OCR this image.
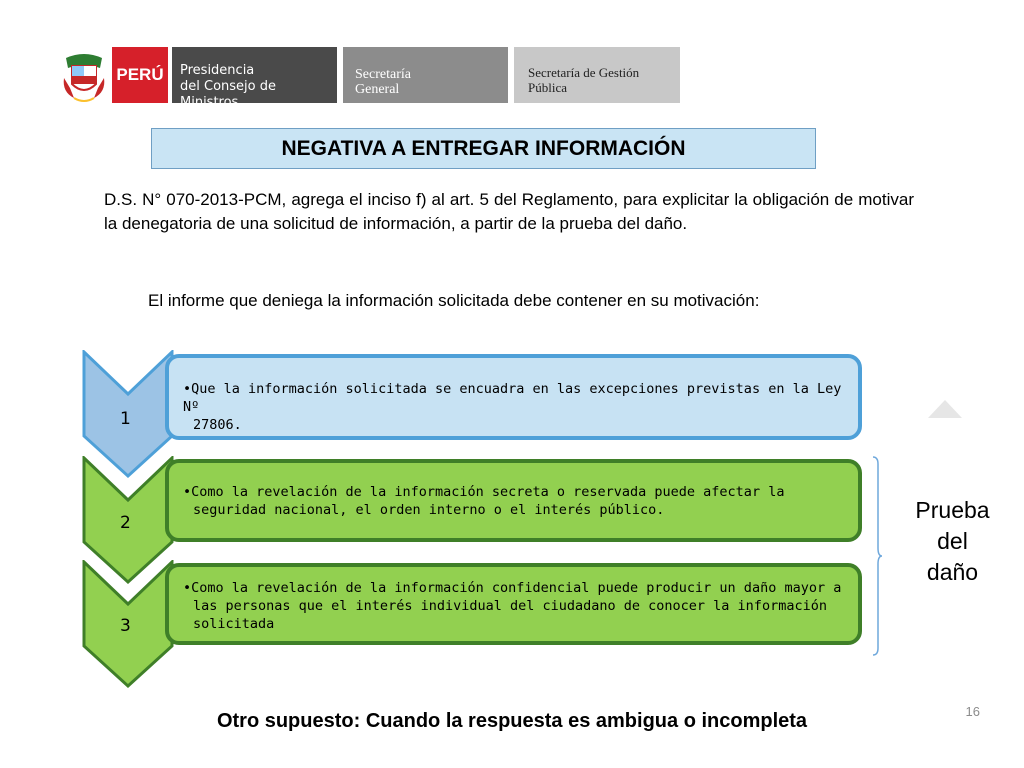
PERÚ Presidencia
del Consejo de Ministros
Secretaría
General
Secretaría de Gestión
Pública
NEGATIVA A ENTREGAR INFORMACIÓN
D.S. N° 070-2013-PCM, agrega el inciso f) al art. 5 del Reglamento, para explicitar la obligación de motivar la denegatoria de una solicitud de información, a partir de la prueba del daño.
El informe que deniega la información solicitada debe contener en su motivación:
1
2
3

•Que la información solicitada se encuadra en las excepciones previstas en la Ley Nº
27806.

•Como la revelación de la información secreta o reservada puede afectar la
seguridad nacional, el orden interno o el interés público.

•Como la revelación de la información confidencial puede producir un daño mayor a
las personas que el interés individual del ciudadano de conocer la información
solicitada

Prueba
del
daño
Otro supuesto: Cuando la respuesta es ambigua o incompleta	16
